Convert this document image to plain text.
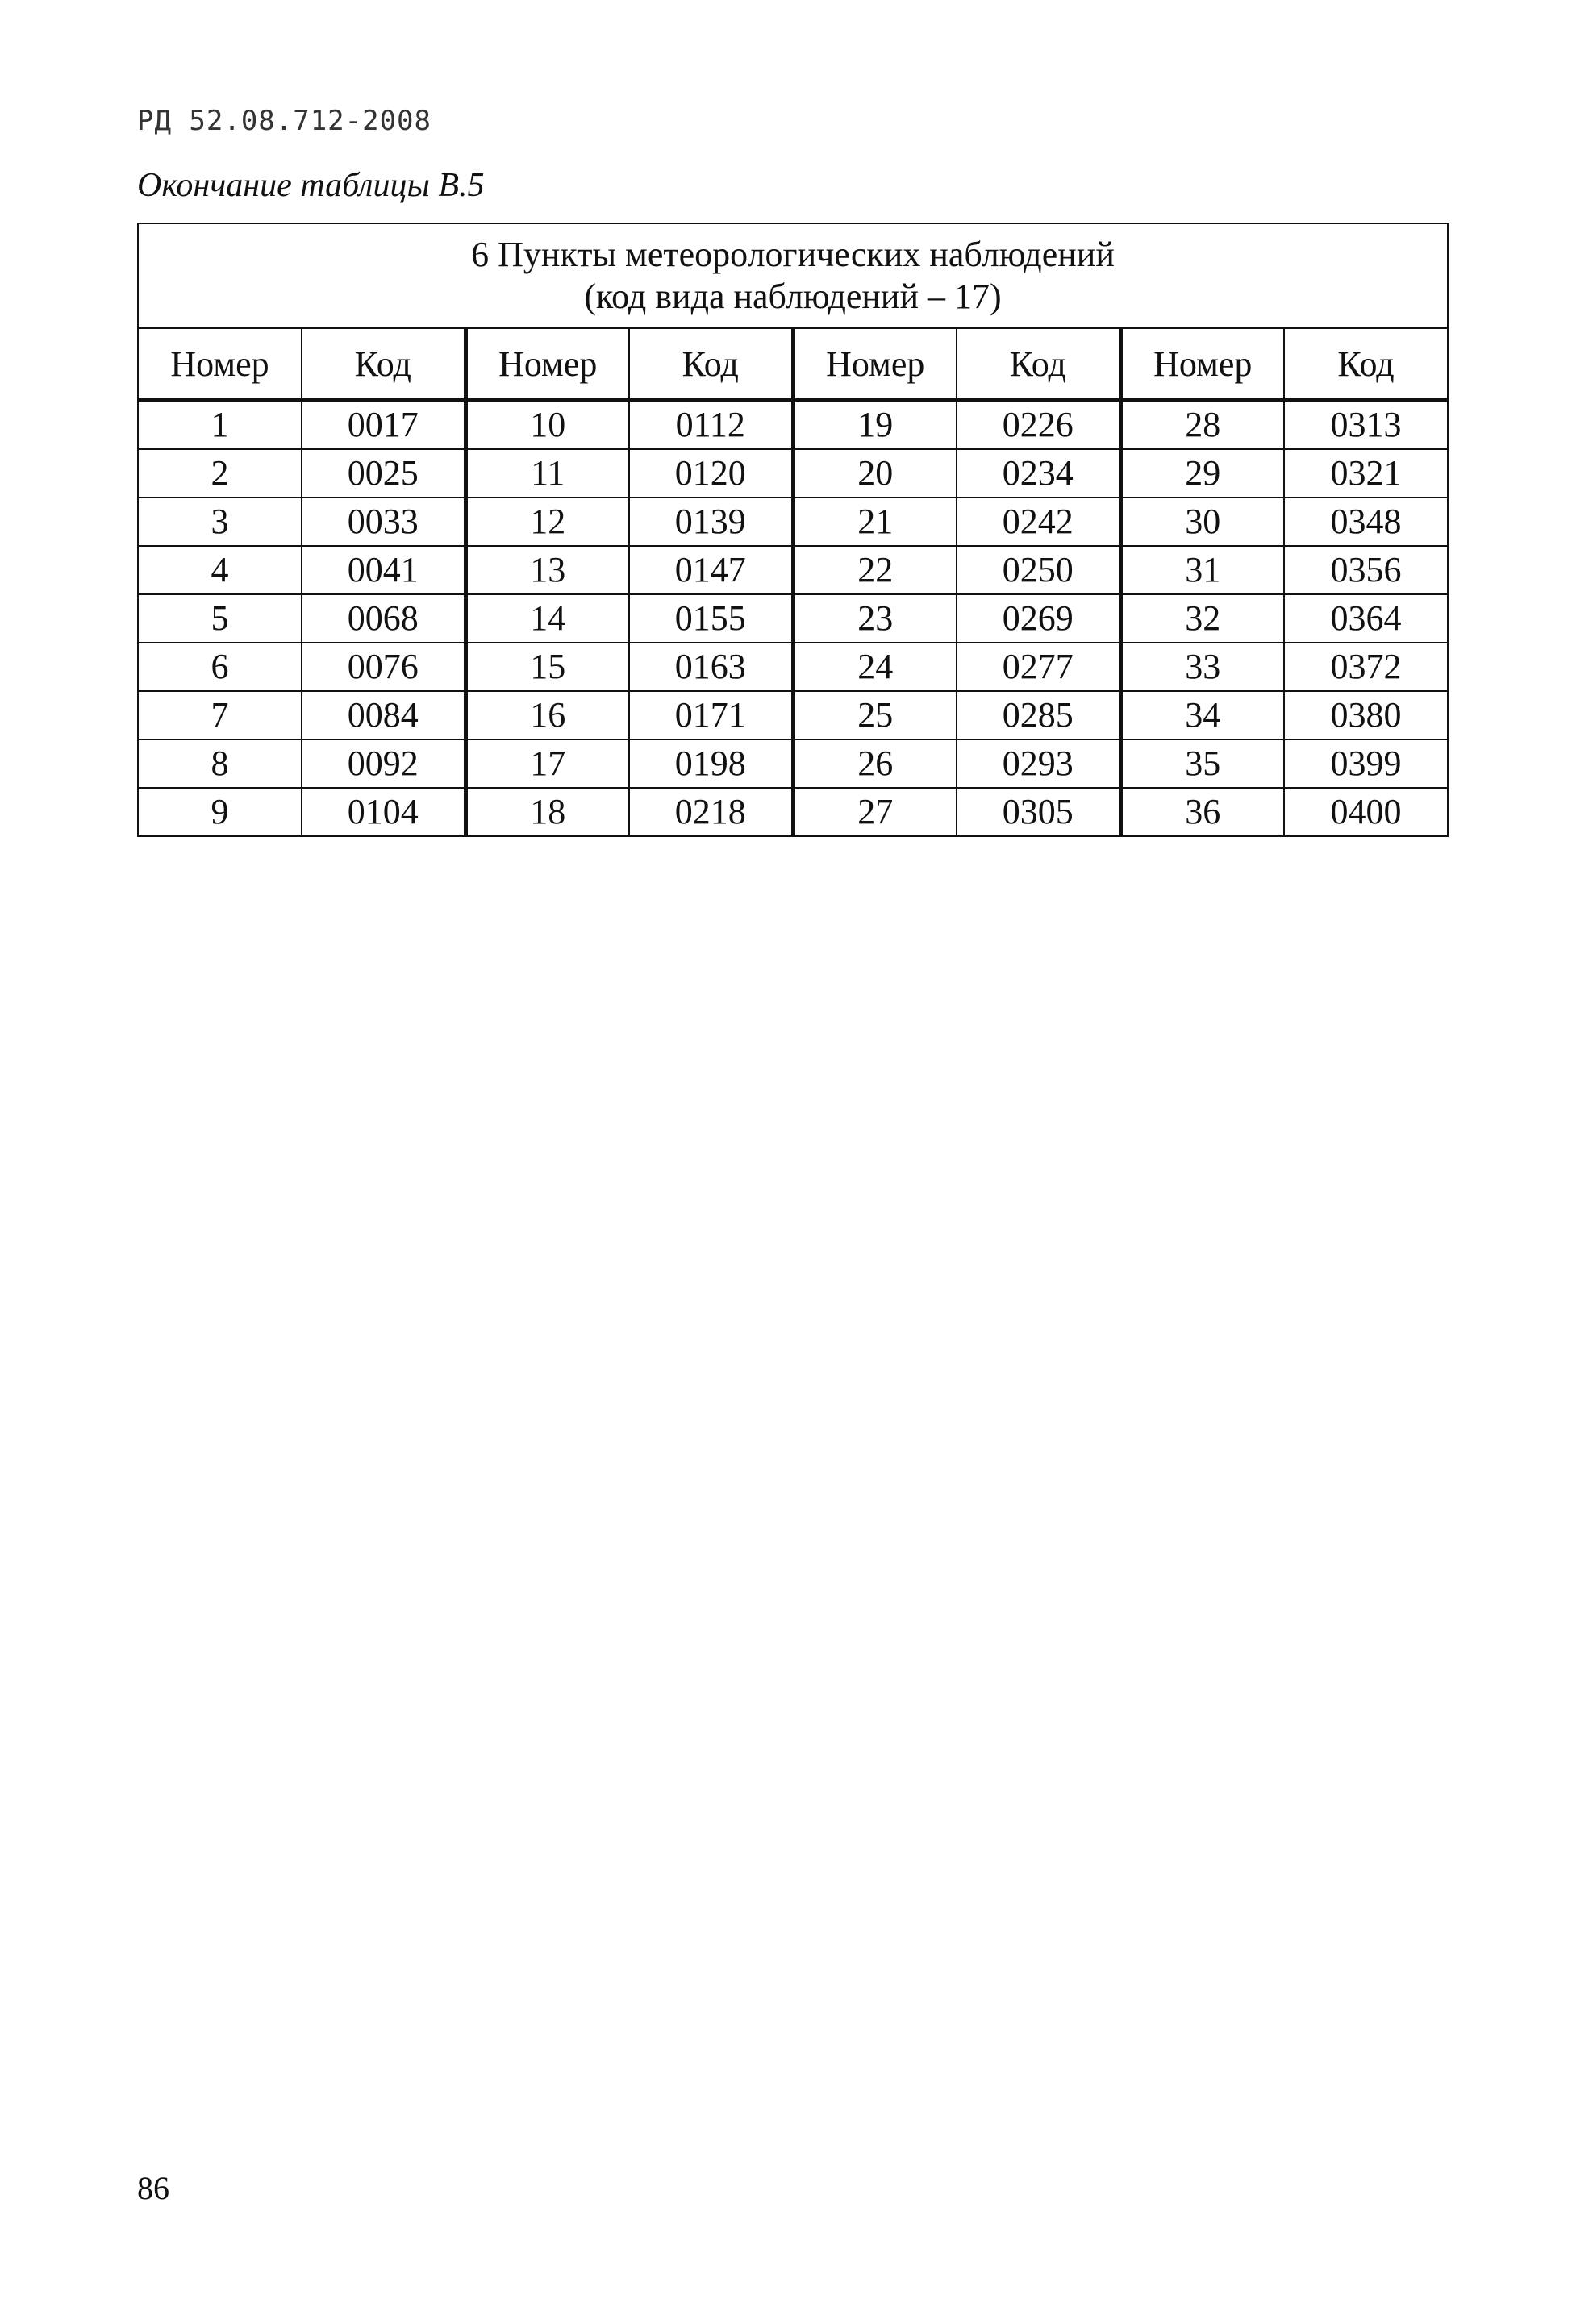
РД 52.08.712-2008
Окончание таблицы В.5
6 Пункты метеорологических наблюдений
(код вида наблюдений – 17)							

Номер	Код	Номер	Код	Номер	Код	Номер	Код
1	0017	10	0112	19	0226	28	0313
2	0025	11	0120	20	0234	29	0321
3	0033	12	0139	21	0242	30	0348
4	0041	13	0147	22	0250	31	0356
5	0068	14	0155	23	0269	32	0364
6	0076	15	0163	24	0277	33	0372
7	0084	16	0171	25	0285	34	0380
8	0092	17	0198	26	0293	35	0399
9	0104	18	0218	27	0305	36	0400
86
